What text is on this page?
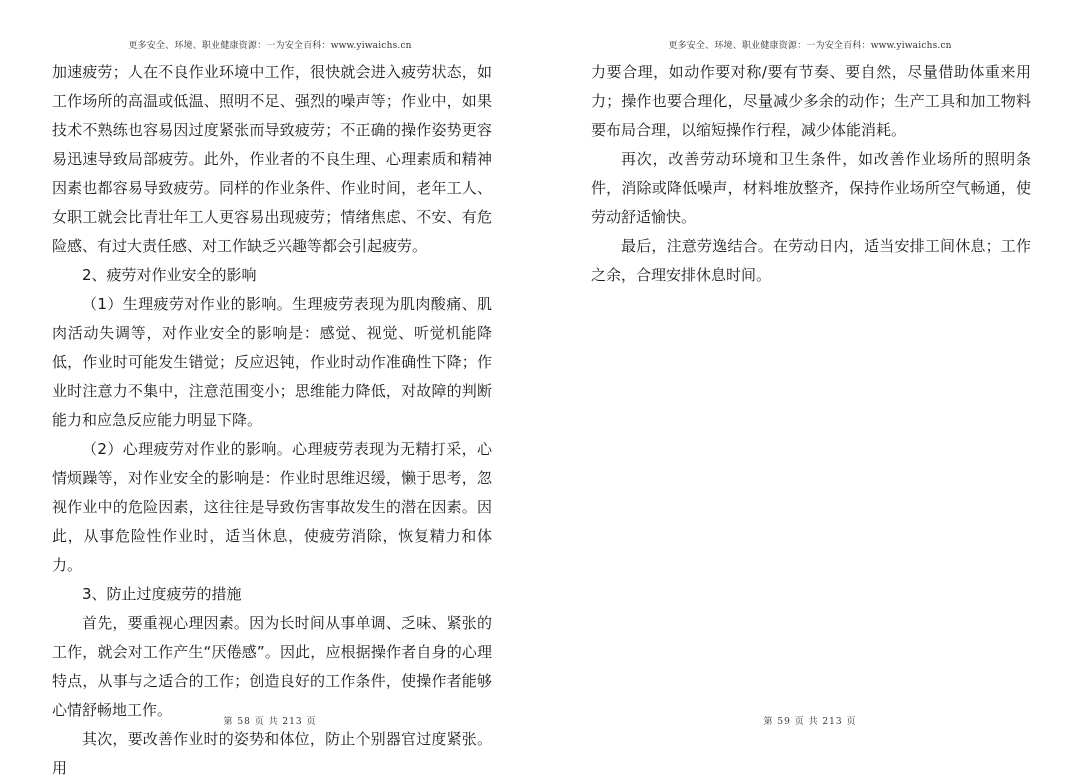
更多安全、环境、职业健康资源：一为安全百科：www.yiwaichs.cn

加速疲劳；人在不良作业环境中工作，很快就会进入疲劳状态，如工作场所的高温或低温、照明不足、强烈的噪声等；作业中，如果技术不熟练也容易因过度紧张而导致疲劳；不正确的操作姿势更容易迅速导致局部疲劳。此外，作业者的不良生理、心理素质和精神因素也都容易导致疲劳。同样的作业条件、作业时间，老年工人、女职工就会比青壮年工人更容易出现疲劳；情绪焦虑、不安、有危险感、有过大责任感、对工作缺乏兴趣等都会引起疲劳。

2、疲劳对作业安全的影响

（1）生理疲劳对作业的影响。生理疲劳表现为肌肉酸痛、肌肉活动失调等，对作业安全的影响是：感觉、视觉、听觉机能降低，作业时可能发生错觉；反应迟钝，作业时动作准确性下降；作业时注意力不集中，注意范围变小；思维能力降低，对故障的判断能力和应急反应能力明显下降。

（2）心理疲劳对作业的影响。心理疲劳表现为无精打采，心情烦躁等，对作业安全的影响是：作业时思维迟缓，懒于思考，忽视作业中的危险因素，这往往是导致伤害事故发生的潜在因素。因此，从事危险性作业时，适当休息，使疲劳消除，恢复精力和体力。

3、防止过度疲劳的措施

首先，要重视心理因素。因为长时间从事单调、乏味、紧张的工作，就会对工作产生“厌倦感”。因此，应根据操作者自身的心理特点，从事与之适合的工作；创造良好的工作条件，使操作者能够心情舒畅地工作。

其次，要改善作业时的姿势和体位，防止个别器官过度紧张。用

第 58 页 共 213 页
更多安全、环境、职业健康资源：一为安全百科：www.yiwaichs.cn

力要合理，如动作要对称/要有节奏、要自然，尽量借助体重来用力；操作也要合理化，尽量减少多余的动作；生产工具和加工物料要布局合理，以缩短操作行程，减少体能消耗。

再次，改善劳动环境和卫生条件，如改善作业场所的照明条件，消除或降低噪声，材料堆放整齐，保持作业场所空气畅通，使劳动舒适愉快。

最后，注意劳逸结合。在劳动日内，适当安排工间休息；工作之余，合理安排休息时间。

第 59 页 共 213 页
